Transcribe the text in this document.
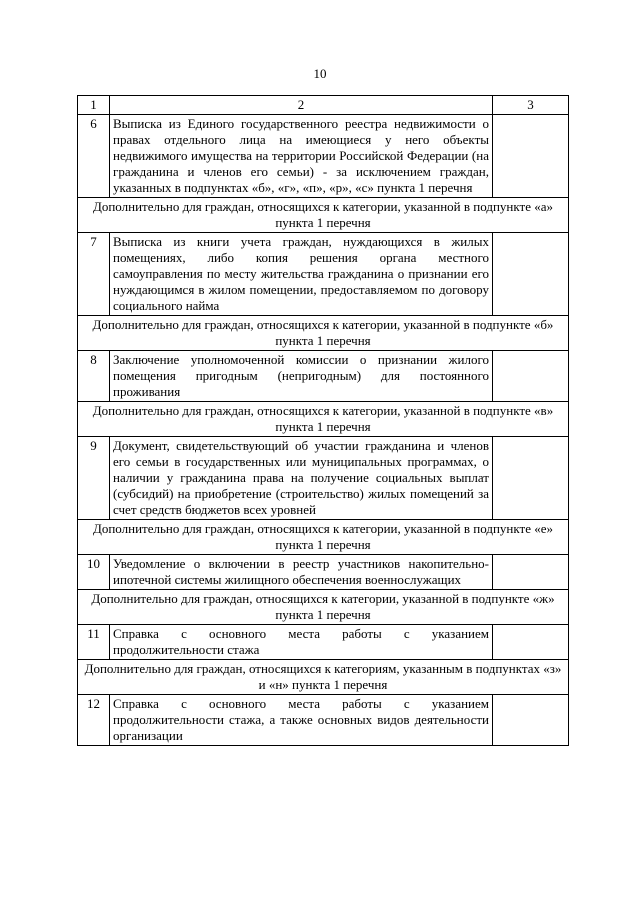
10
1	2	3
6	Выписка из Единого государственного реестра недвижимости о правах отдельного лица на имеющиеся у него объекты недвижимого имущества на территории Российской Федерации (на гражданина и членов его семьи) - за исключением граждан, указанных в подпунктах «б», «г», «п», «р», «с» пункта 1 перечня	
Дополнительно для граждан, относящихся к категории, указанной в подпункте «а» пункта 1 перечня		
7	Выписка из книги учета граждан, нуждающихся в жилых помещениях, либо копия решения органа местного самоуправления по месту жительства гражданина о признании его нуждающимся в жилом помещении, предоставляемом по договору социального найма	
Дополнительно для граждан, относящихся к категории, указанной в подпункте «б» пункта 1 перечня		
8	Заключение уполномоченной комиссии о признании жилого помещения пригодным (непригодным) для постоянного проживания	
Дополнительно для граждан, относящихся к категории, указанной в подпункте «в» пункта 1 перечня		
9	Документ, свидетельствующий об участии гражданина и членов его семьи в государственных или муниципальных программах, о наличии у гражданина права на получение социальных выплат (субсидий) на приобретение (строительство) жилых помещений за счет средств бюджетов всех уровней	
Дополнительно для граждан, относящихся к категории, указанной в подпункте «е» пункта 1 перечня		
10	Уведомление о включении в реестр участников накопительно-ипотечной системы жилищного обеспечения военнослужащих	
Дополнительно для граждан, относящихся к категории, указанной в подпункте «ж» пункта 1 перечня		
11	Справка с основного места работы с указанием продолжительности стажа	
Дополнительно для граждан, относящихся к категориям, указанным в подпунктах «з» и «н» пункта 1 перечня		
12	Справка с основного места работы с указанием продолжительности стажа, а также основных видов деятельности организации	
